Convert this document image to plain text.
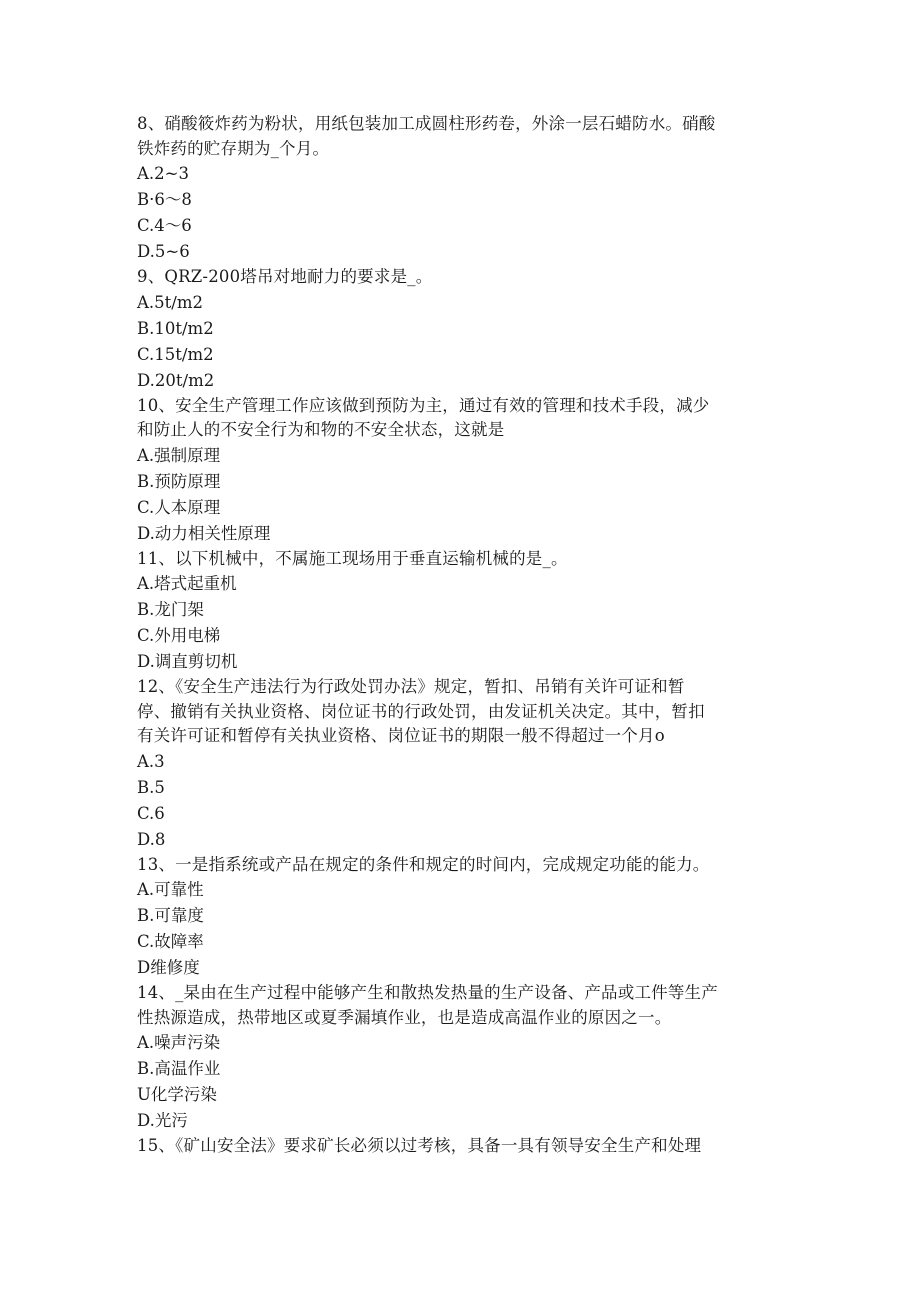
8、硝酸筱炸药为粉状，用纸包装加工成圆柱形药卷，外涂一层石蜡防水。硝酸

铁炸药的贮存期为_个月。

A.2~3

B·6～8

C.4～6

D.5~6

9、QRZ-200塔吊对地耐力的要求是_。

A.5t∕m2

B.10t∕m2

C.15t∕m2

D.20t∕m2

10、安全生产管理工作应该做到预防为主，通过有效的管理和技术手段，减少

和防止人的不安全行为和物的不安全状态，这就是

A.强制原理

B.预防原理

C.人本原理

D.动力相关性原理

11、以下机械中，不属施工现场用于垂直运输机械的是_。

A.塔式起重机

B.龙门架

C.外用电梯

D.调直剪切机

12、《安全生产违法行为行政处罚办法》规定，暂扣、吊销有关许可证和暂

停、撤销有关执业资格、岗位证书的行政处罚，由发证机关决定。其中，暂扣

有关许可证和暂停有关执业资格、岗位证书的期限一般不得超过一个月o

A.3

B.5

C.6

D.8

13、一是指系统或产品在规定的条件和规定的时间内，完成规定功能的能力。

A.可靠性

B.可靠度

C.故障率

D维修度

14、_杲由在生产过程中能够产生和散热发热量的生产设备、产品或工件等生产

性热源造成，热带地区或夏季漏填作业，也是造成高温作业的原因之一。

A.噪声污染

B.高温作业

U化学污染

D.光污

15、《矿山安全法》要求矿长必须以过考核，具备一具有领导安全生产和处理
